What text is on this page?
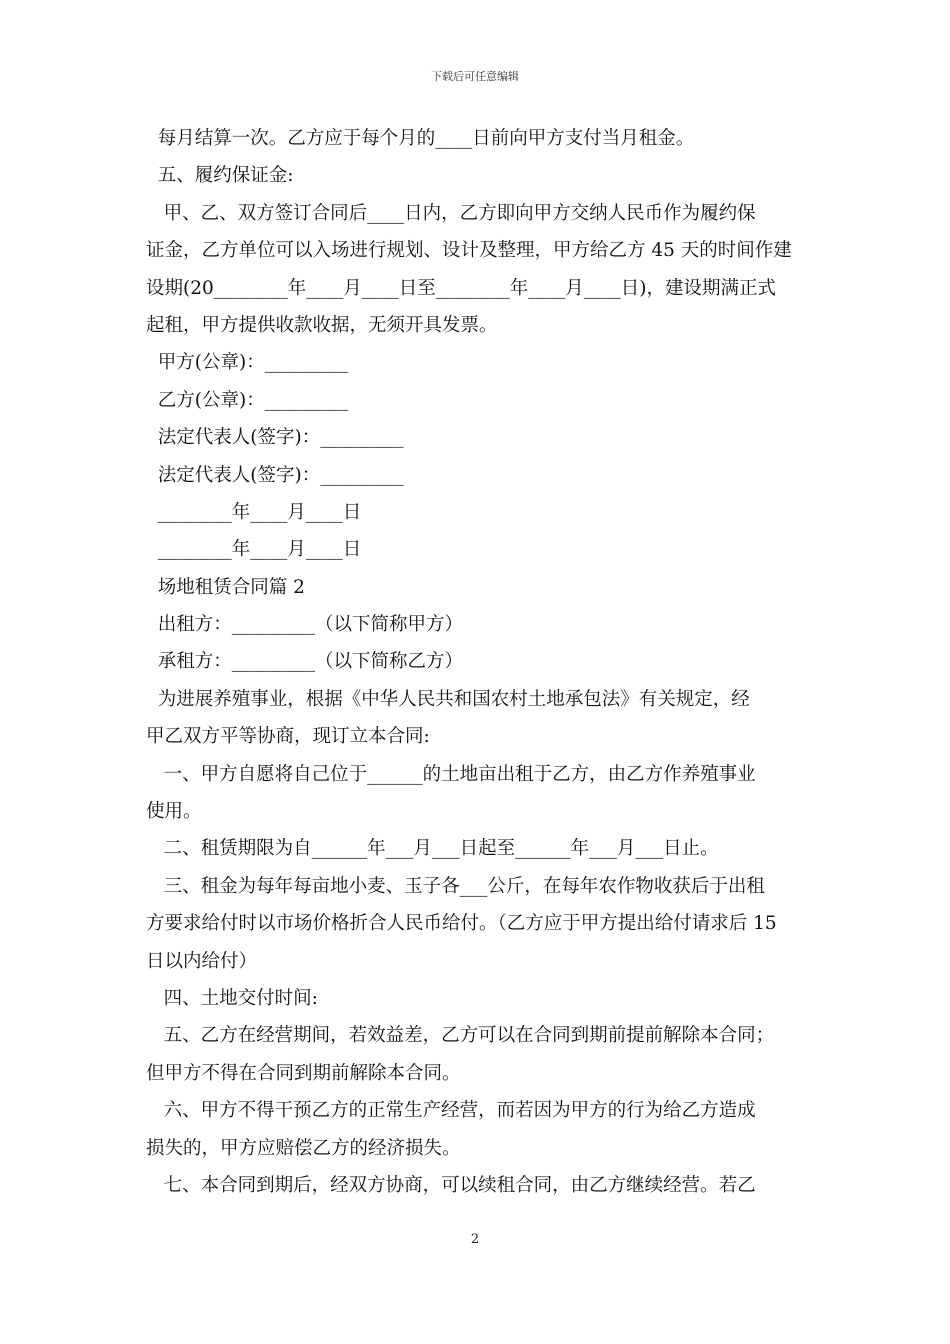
下载后可任意编辑
每月结算一次。乙方应于每个月的____日前向甲方支付当月租金。
五、履约保证金:
甲、乙、双方签订合同后____日内，乙方即向甲方交纳人民币作为履约保
证金，乙方单位可以入场进行规划、设计及整理，甲方给乙方 45 天的时间作建
设期(20________年____月____日至________年____月____日)，建设期满正式
起租，甲方提供收款收据，无须开具发票。
甲方(公章)：_________
乙方(公章)：_________
法定代表人(签字)：_________
法定代表人(签字)：_________
________年____月____日
________年____月____日
场地租赁合同篇 2
出租方：_________（以下简称甲方）
承租方：_________（以下简称乙方）
为进展养殖事业，根据《中华人民共和国农村土地承包法》有关规定，经
甲乙双方平等协商，现订立本合同:
一、甲方自愿将自己位于______的土地亩出租于乙方，由乙方作养殖事业
使用。
二、租赁期限为自______年___月___日起至______年___月___日止。
三、租金为每年每亩地小麦、玉子各___公斤，在每年农作物收获后于出租
方要求给付时以市场价格折合人民币给付。（乙方应于甲方提出给付请求后 15
日以内给付）
四、土地交付时间:
五、乙方在经营期间，若效益差，乙方可以在合同到期前提前解除本合同；
但甲方不得在合同到期前解除本合同。
六、甲方不得干预乙方的正常生产经营，而若因为甲方的行为给乙方造成
损失的，甲方应赔偿乙方的经济损失。
七、本合同到期后，经双方协商，可以续租合同，由乙方继续经营。若乙
2
